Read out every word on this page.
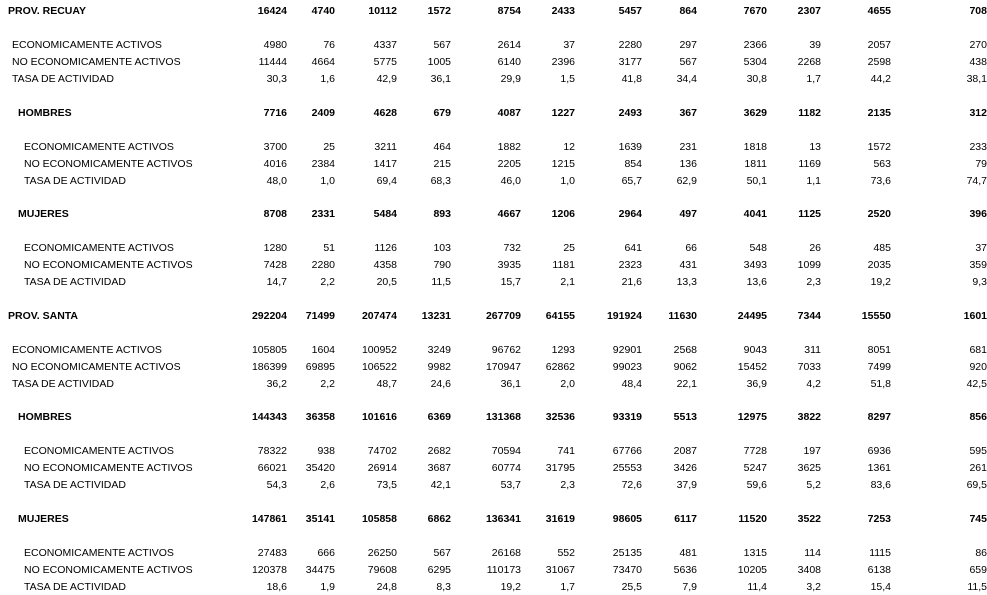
PROV. RECUAY	16424	4740	10112	1572	8754	2433	5457	864	7670	2307	4655	708
ECONOMICAMENTE ACTIVOS	4980	76	4337	567	2614	37	2280	297	2366	39	2057	270
NO ECONOMICAMENTE ACTIVOS	11444	4664	5775	1005	6140	2396	3177	567	5304	2268	2598	438
TASA DE ACTIVIDAD	30,3	1,6	42,9	36,1	29,9	1,5	41,8	34,4	30,8	1,7	44,2	38,1
HOMBRES	7716	2409	4628	679	4087	1227	2493	367	3629	1182	2135	312
ECONOMICAMENTE ACTIVOS	3700	25	3211	464	1882	12	1639	231	1818	13	1572	233
NO ECONOMICAMENTE ACTIVOS	4016	2384	1417	215	2205	1215	854	136	1811	1169	563	79
TASA DE ACTIVIDAD	48,0	1,0	69,4	68,3	46,0	1,0	65,7	62,9	50,1	1,1	73,6	74,7
MUJERES	8708	2331	5484	893	4667	1206	2964	497	4041	1125	2520	396
ECONOMICAMENTE ACTIVOS	1280	51	1126	103	732	25	641	66	548	26	485	37
NO ECONOMICAMENTE ACTIVOS	7428	2280	4358	790	3935	1181	2323	431	3493	1099	2035	359
TASA DE ACTIVIDAD	14,7	2,2	20,5	11,5	15,7	2,1	21,6	13,3	13,6	2,3	19,2	9,3
PROV. SANTA	292204	71499	207474	13231	267709	64155	191924	11630	24495	7344	15550	1601
ECONOMICAMENTE ACTIVOS	105805	1604	100952	3249	96762	1293	92901	2568	9043	311	8051	681
NO ECONOMICAMENTE ACTIVOS	186399	69895	106522	9982	170947	62862	99023	9062	15452	7033	7499	920
TASA DE ACTIVIDAD	36,2	2,2	48,7	24,6	36,1	2,0	48,4	22,1	36,9	4,2	51,8	42,5
HOMBRES	144343	36358	101616	6369	131368	32536	93319	5513	12975	3822	8297	856
ECONOMICAMENTE ACTIVOS	78322	938	74702	2682	70594	741	67766	2087	7728	197	6936	595
NO ECONOMICAMENTE ACTIVOS	66021	35420	26914	3687	60774	31795	25553	3426	5247	3625	1361	261
TASA DE ACTIVIDAD	54,3	2,6	73,5	42,1	53,7	2,3	72,6	37,9	59,6	5,2	83,6	69,5
MUJERES	147861	35141	105858	6862	136341	31619	98605	6117	11520	3522	7253	745
ECONOMICAMENTE ACTIVOS	27483	666	26250	567	26168	552	25135	481	1315	114	1115	86
NO ECONOMICAMENTE ACTIVOS	120378	34475	79608	6295	110173	31067	73470	5636	10205	3408	6138	659
TASA DE ACTIVIDAD	18,6	1,9	24,8	8,3	19,2	1,7	25,5	7,9	11,4	3,2	15,4	11,5
